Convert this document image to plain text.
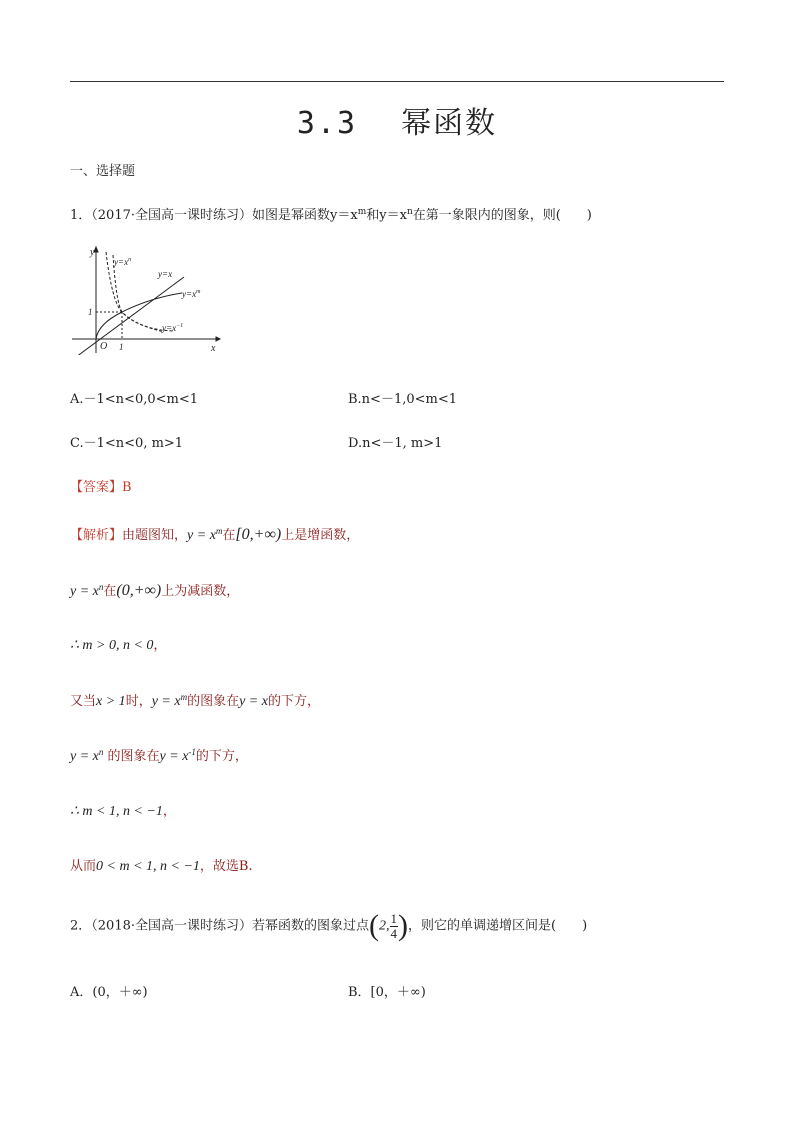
3.3 幂函数
一、选择题
1．（2017·全国高一课时练习）如图是幂函数$y=x^m$和$y=x^n$在第一象限内的图象，则(　　)
y
x
O 1
1
$y=x^n$
y=x
$y=x^m$
$y=x^{-1}$
A.－1<n<0,0<m<1	B.n<－1,0<m<1
C.－1<n<0, m>1	D.n<－1, m>1
【答案】B
【解析】由题图知，$y = x^m$在[0,+∞)上是增函数，
$y = x^n$在(0,+∞)上为减函数，
∴ m > 0, n < 0，
又当x > 1时，$y = x^m$的图象在y = x的下方，
$y = x^n$ 的图象在$y = x^{-1}$的下方，
∴ m < 1, n < −1，
从而0 < m < 1, n < −1，故选B.
2．（2018·全国高一课时练习）若幂函数的图象过点(2, $\frac{1}{4}$ )，则它的单调递增区间是(　　)
A．(0，＋∞)	B．[0，＋∞)
